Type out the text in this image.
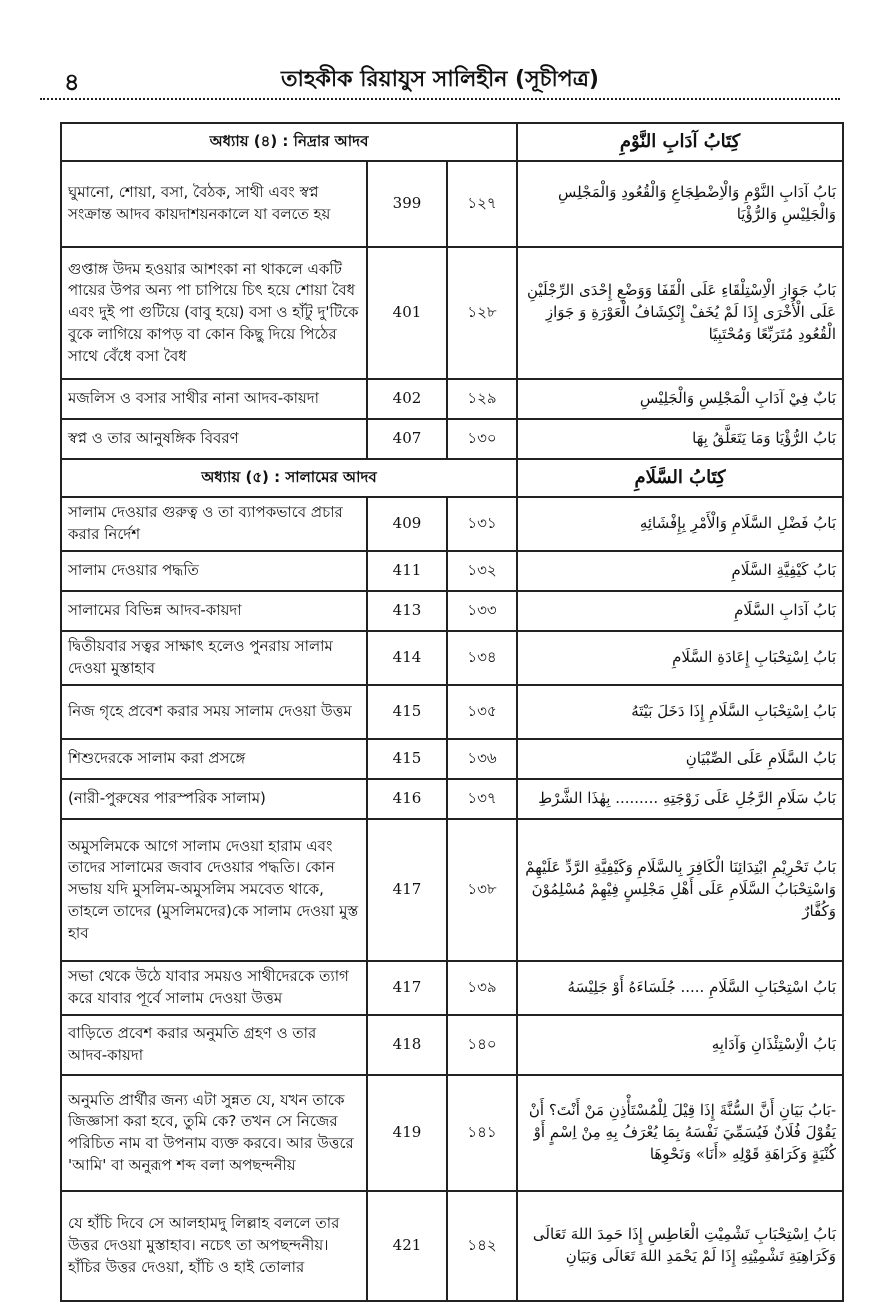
৪	তাহকীক রিয়াযুস সালিহীন (সূচীপত্র)
অধ্যায় (৪) : নিদ্রার আদব			كِتَابُ آدَابِ النَّوْمِ
ঘুমানো, শোয়া, বসা, বৈঠক, সাথী এবং স্বপ্ন সংক্রান্ত আদব কায়দাশয়নকালে যা বলতে হয়	399	১২৭	بَابُ آدَابِ النَّوْمِ وَالْاِضْطِجَاعِ وَالْقُعُودِ وَالْمَجْلِسِ وَالْجَلِيْسِ وَالرُّؤْيَا
গুপ্তাঙ্গ উদম হওয়ার আশংকা না থাকলে একটি পায়ের উপর অন্য পা চাপিয়ে চিৎ হয়ে শোয়া বৈধ এবং দুই পা গুটিয়ে (বাবু হয়ে) বসা ও হাঁটু দু'টিকে বুকে লাগিয়ে কাপড় বা কোন কিছু দিয়ে পিঠের সাথে বেঁধে বসা বৈধ	401	১২৮	بَابُ جَوَازِ الْاِسْتِلْقَاءِ عَلَى الْقَفَا وَوَضْعِ إِحْدَى الرِّجْلَيْنِ عَلَى الْأُخْرَى إِذَا لَمْ يُخَفْ إِنْكِشَافُ الْعَوْرَةِ وَ جَوَازِ الْقُعُودِ مُتَرَبِّعًا وَمُحْتَبِيًا
মজলিস ও বসার সাথীর নানা আদব-কায়দা	402	১২৯	بَابٌ فِيْ آدَابِ الْمَجْلِسِ وَالْجَلِيْسِ
স্বপ্ন ও তার আনুষঙ্গিক বিবরণ	407	১৩০	بَابُ الرُّؤْيَا وَمَا يَتَعَلَّقُ بِهَا
অধ্যায় (৫) : সালামের আদব			كِتَابُ السَّلَامِ
সালাম দেওয়ার গুরুত্ব ও তা ব্যাপকভাবে প্রচার করার নির্দেশ	409	১৩১	بَابُ فَضْلِ السَّلَامِ وَالْأَمْرِ بِإِفْشَائِهِ
সালাম দেওয়ার পদ্ধতি	411	১৩২	بَابُ كَيْفِيَّةِ السَّلَامِ
সালামের বিভিন্ন আদব-কায়দা	413	১৩৩	بَابُ آدَابِ السَّلَامِ
দ্বিতীয়বার সত্বর সাক্ষাৎ হলেও পুনরায় সালাম দেওয়া মুস্তাহাব	414	১৩৪	بَابُ اِسْتِحْبَابِ إِعَادَةِ السَّلَامِ
নিজ গৃহে প্রবেশ করার সময় সালাম দেওয়া উত্তম	415	১৩৫	بَابُ اِسْتِحْبَابِ السَّلَامِ إِذَا دَخَلَ بَيْتَهُ
শিশুদেরকে সালাম করা প্রসঙ্গে	415	১৩৬	بَابُ السَّلَامِ عَلَى الصِّبْيَانِ
(নারী-পুরুষের পারস্পরিক সালাম)	416	১৩৭	بَابُ سَلَامِ الرَّجُلِ عَلَى زَوْجَتِهِ ......... بِهٰذَا الشَّرْطِ
অমুসলিমকে আগে সালাম দেওয়া হারাম এবং তাদের সালামের জবাব দেওয়ার পদ্ধতি। কোন সভায় যদি মুসলিম-অমুসলিম সমবেত থাকে, তাহলে তাদের (মুসলিমদের)কে সালাম দেওয়া মুস্ত হাব	417	১৩৮	بَابُ تَحْرِيْمِ ابْتِدَائِنَا الْكَافِرَ بِالسَّلَامِ وَكَيْفِيَّةِ الرَّدِّ عَلَيْهِمْ وَاسْتِحْبَابُ السَّلَامِ عَلَى أَهْلِ مَجْلِسٍ فِيْهِمْ مُسْلِمُوْنَ وَكُفَّارٌ
সভা থেকে উঠে যাবার সময়ও সাথীদেরকে ত্যাগ করে যাবার পূর্বে সালাম দেওয়া উত্তম	417	১৩৯	بَابُ اسْتِحْبَابِ السَّلَامِ ..... جُلَسَاءَهُ أَوْ جَلِيْسَهُ
বাড়িতে প্রবেশ করার অনুমতি গ্রহণ ও তার আদব-কায়দা	418	১৪০	بَابُ الْاِسْتِئْذَانِ وَآدَابِهِ
অনুমতি প্রার্থীর জন্য এটা সুন্নত যে, যখন তাকে জিজ্ঞাসা করা হবে, তুমি কে? তখন সে নিজের পরিচিত নাম বা উপনাম ব্যক্ত করবে। আর উত্তরে 'আমি' বা অনুরূপ শব্দ বলা অপছন্দনীয়	419	১৪১	-بَابُ بَيَانِ أَنَّ السُّنَّةَ إِذَا قِيْلَ لِلْمُسْتَأْذِنِ مَنْ أَنْتَ؟ أَنْ يَقُوْلَ فُلَانٌ فَيُسَمِّيَ نَفْسَهُ بِمَا يُعْرَفُ بِهِ مِنْ اِسْمٍ أَوْ كُنْيَةٍ وَكَرَاهَةِ قَوْلِهِ «أَنَا» وَنَحْوِهَا
যে হাঁচি দিবে সে আলহামদু লিল্লাহ বললে তার উত্তর দেওয়া মুস্তাহাব। নচেৎ তা অপছন্দনীয়। হাঁচির উত্তর দেওয়া, হাঁচি ও হাই তোলার	421	১৪২	بَابُ اِسْتِحْبَابِ تَشْمِيْتِ الْعَاطِسِ إِذَا حَمِدَ اللهَ تَعَالَى وَكَرَاهِيَةِ تَشْمِيْتِهِ إِذَا لَمْ يَحْمَدِ اللهَ تَعَالَى وَبَيَانِ
